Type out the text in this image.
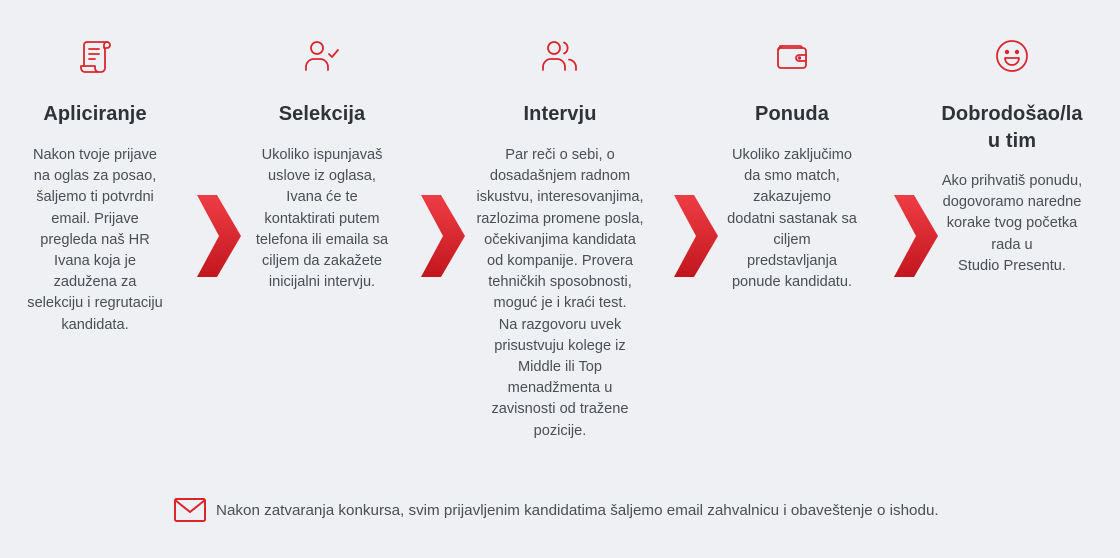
Apliciranje
Nakon tvoje prijave
na oglas za posao,
šaljemo ti potvrdni
email. Prijave
pregleda naš HR
Ivana koja je
zadužena za
selekciju i regrutaciju
kandidata.
Selekcija
Ukoliko ispunjavaš
uslove iz oglasa,
Ivana će te
kontaktirati putem
telefona ili emaila sa
ciljem da zakažete
inicijalni intervju.
Intervju
Par reči o sebi, o
dosadašnjem radnom
iskustvu, interesovanjima,
razlozima promene posla,
očekivanjima kandidata
od kompanije. Provera
tehničkih sposobnosti,
moguć je i kraći test.
Na razgovoru uvek
prisustvuju kolege iz
Middle ili Top
menadžmenta u
zavisnosti od tražene
pozicije.
Ponuda
Ukoliko zaključimo
da smo match,
zakazujemo
dodatni sastanak sa
ciljem
predstavljanja
ponude kandidatu.
Dobrodošao/la
u tim
Ako prihvatiš ponudu,
dogovoramo naredne
korake tvog početka
rada u
Studio Presentu.
Nakon zatvaranja konkursa, svim prijavljenim kandidatima šaljemo email zahvalnicu i obaveštenje o ishodu.
